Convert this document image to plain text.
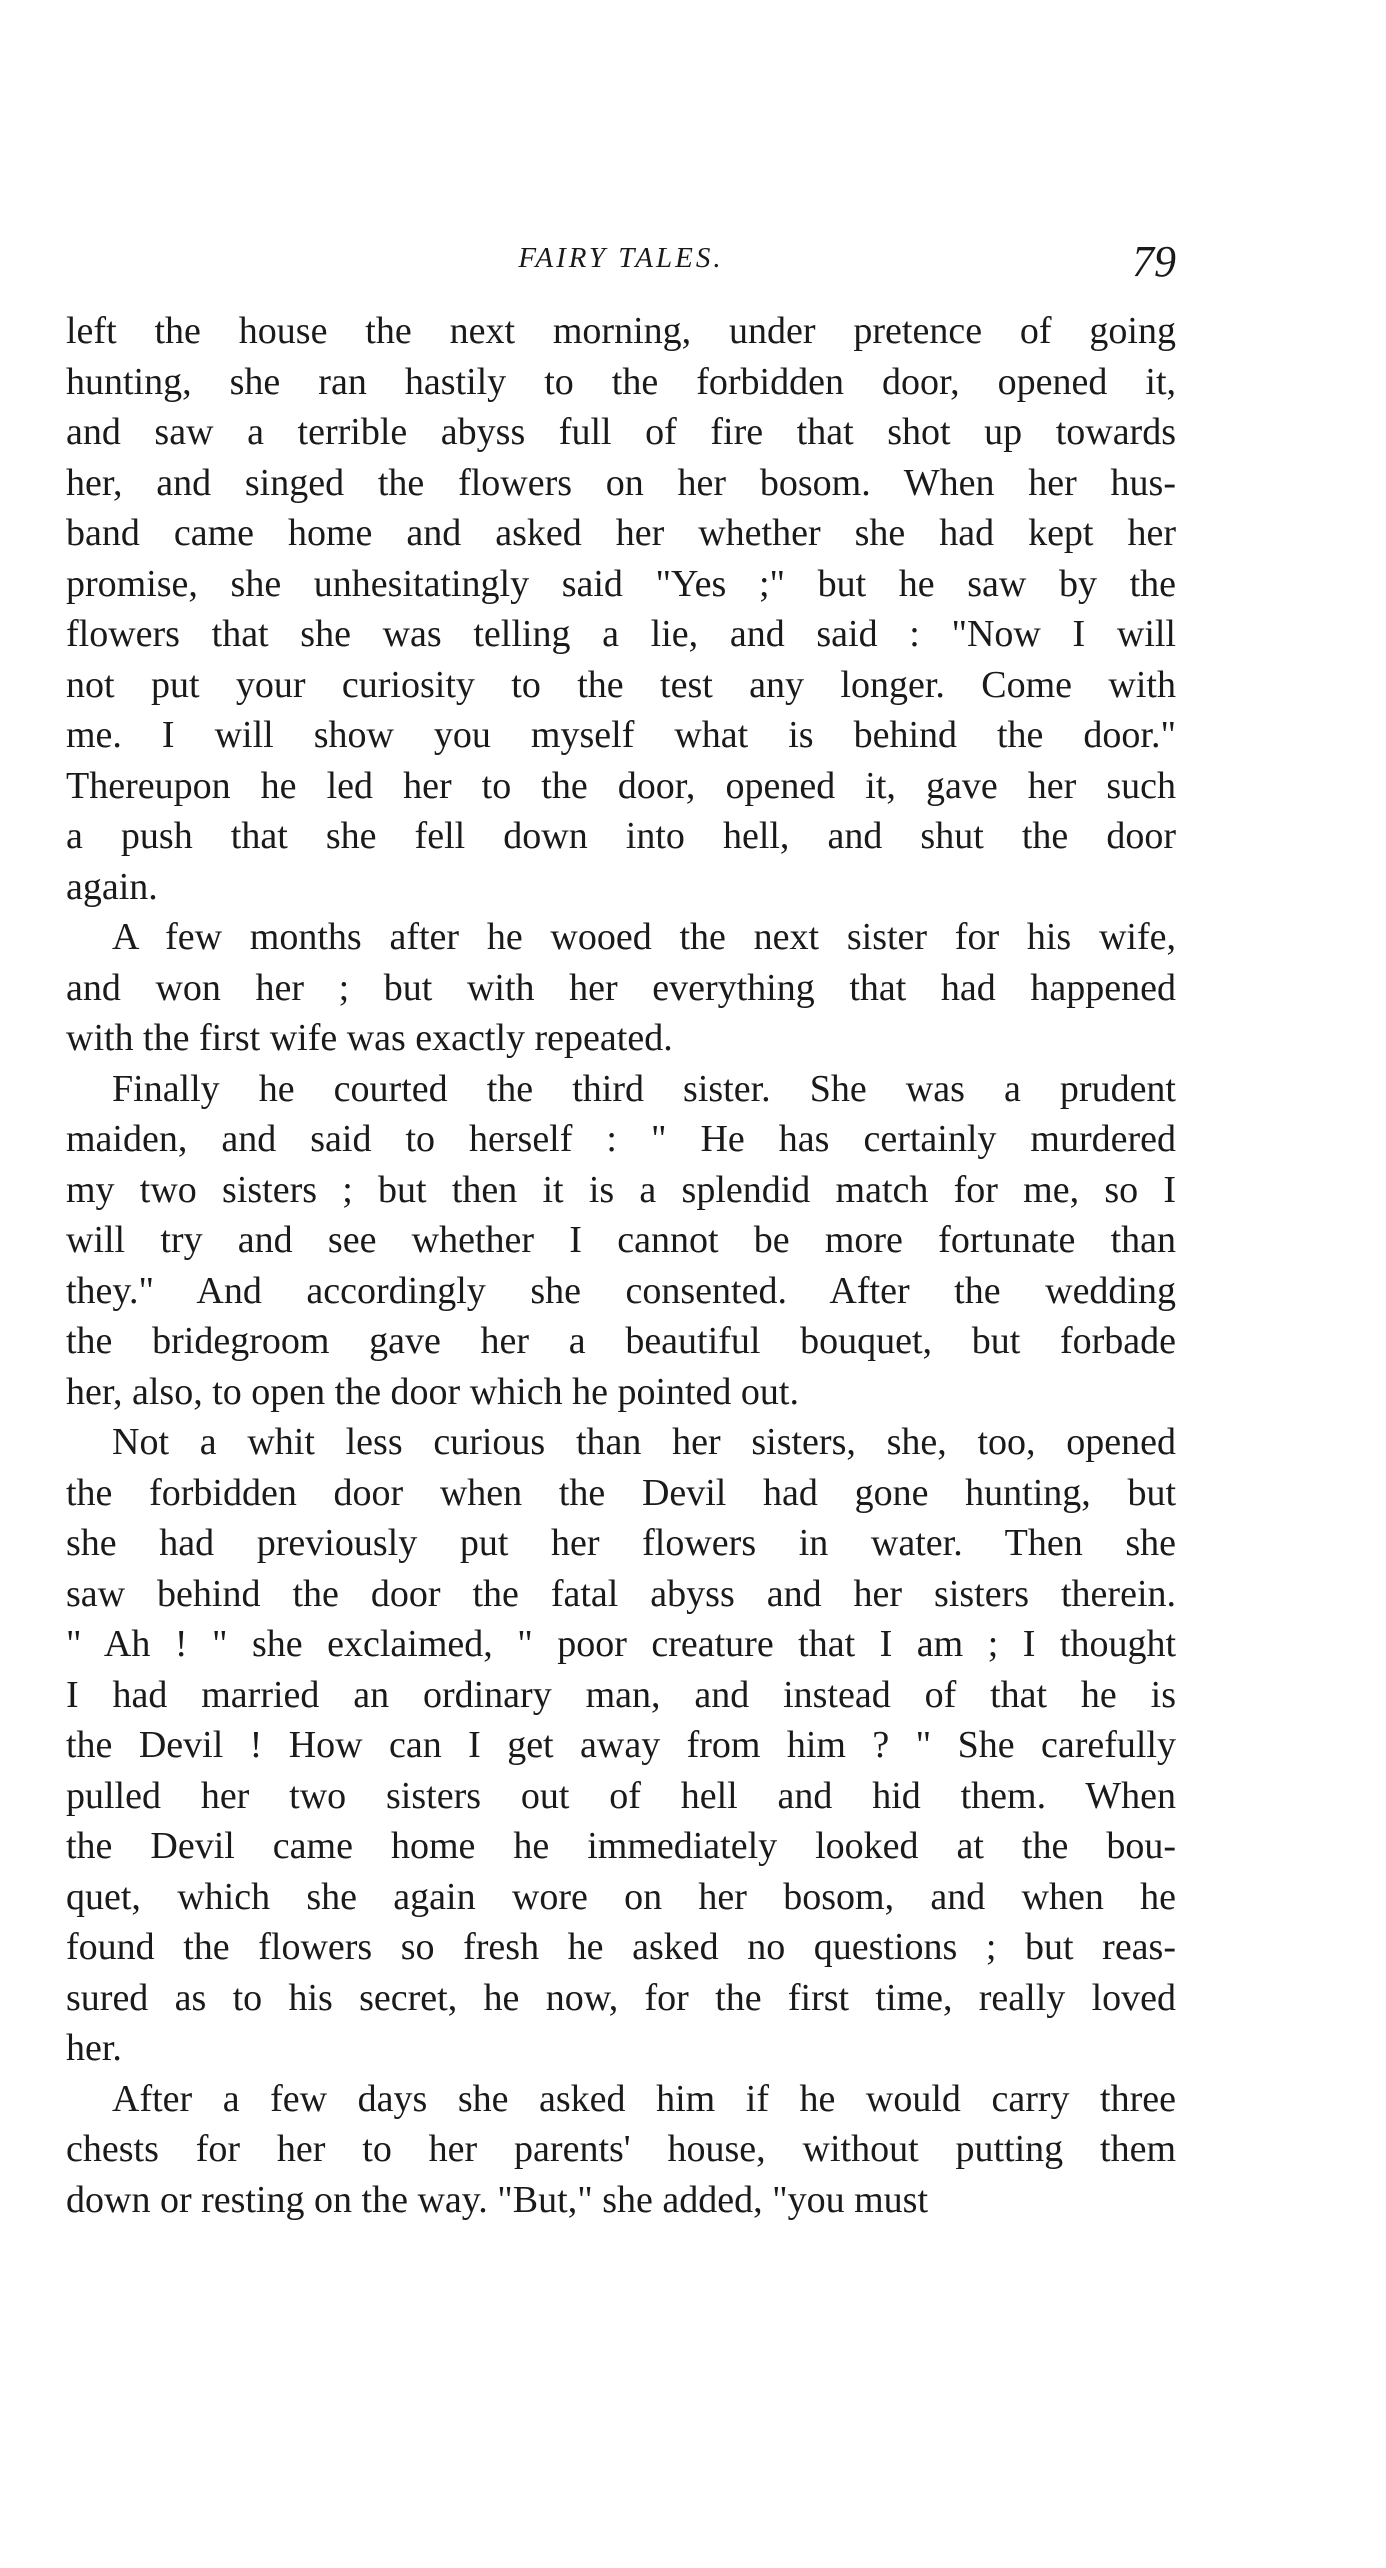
FAIRY TALES.	79
left the house the next morning, under pretence of going
hunting, she ran hastily to the forbidden door, opened it,
and saw a terrible abyss full of fire that shot up towards
her, and singed the flowers on her bosom. When her hus-
band came home and asked her whether she had kept her
promise, she unhesitatingly said "Yes ;" but he saw by the
flowers that she was telling a lie, and said : "Now I will
not put your curiosity to the test any longer. Come with
me. I will show you myself what is behind the door."
Thereupon he led her to the door, opened it, gave her such
a push that she fell down into hell, and shut the door
again.
A few months after he wooed the next sister for his wife,
and won her ; but with her everything that had happened
with the first wife was exactly repeated.
Finally he courted the third sister. She was a prudent
maiden, and said to herself : " He has certainly murdered
my two sisters ; but then it is a splendid match for me, so I
will try and see whether I cannot be more fortunate than
they." And accordingly she consented. After the wedding
the bridegroom gave her a beautiful bouquet, but forbade
her, also, to open the door which he pointed out.
Not a whit less curious than her sisters, she, too, opened
the forbidden door when the Devil had gone hunting, but
she had previously put her flowers in water. Then she
saw behind the door the fatal abyss and her sisters therein.
" Ah ! " she exclaimed, " poor creature that I am ; I thought
I had married an ordinary man, and instead of that he is
the Devil ! How can I get away from him ? " She carefully
pulled her two sisters out of hell and hid them. When
the Devil came home he immediately looked at the bou-
quet, which she again wore on her bosom, and when he
found the flowers so fresh he asked no questions ; but reas-
sured as to his secret, he now, for the first time, really loved
her.
After a few days she asked him if he would carry three
chests for her to her parents' house, without putting them
down or resting on the way. "But," she added, "you must
